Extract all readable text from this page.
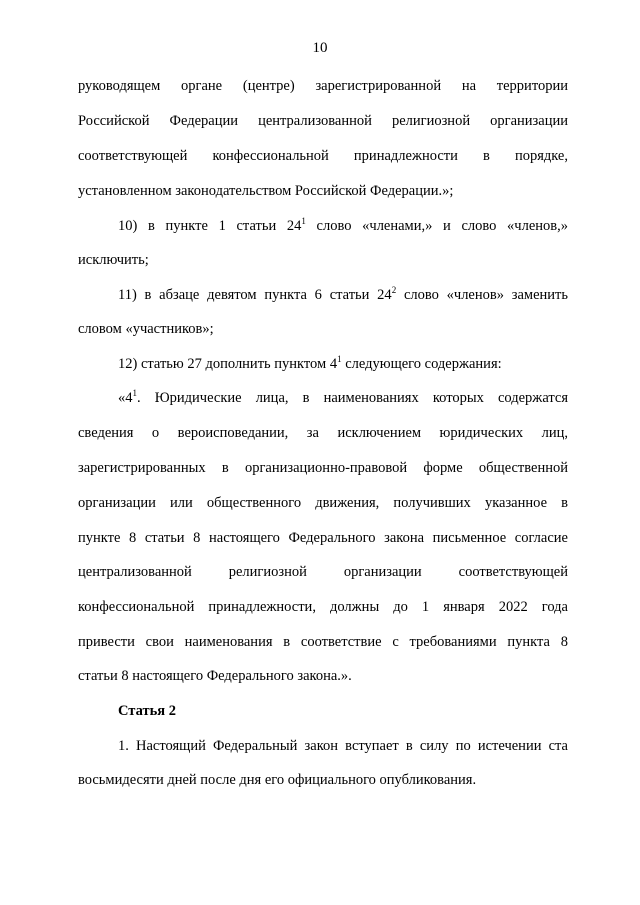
10
руководящем органе (центре) зарегистрированной на территории
Российской Федерации централизованной религиозной организации
соответствующей конфессиональной принадлежности в порядке,
установленном законодательством Российской Федерации.»;
10) в пункте 1 статьи $24^1$ слово «членами,» и слово «членов,»
исключить;
11) в абзаце девятом пункта 6 статьи $24^2$ слово «членов» заменить
словом «участников»;
12) статью 27 дополнить пунктом $4^1$ следующего содержания:
«$4^1$. Юридические лица, в наименованиях которых содержатся
сведения о вероисповедании, за исключением юридических лиц,
зарегистрированных в организационно-правовой форме общественной
организации или общественного движения, получивших указанное в
пункте 8 статьи 8 настоящего Федерального закона письменное согласие
централизованной религиозной организации соответствующей
конфессиональной принадлежности, должны до 1 января 2022 года
привести свои наименования в соответствие с требованиями пункта 8
статьи 8 настоящего Федерального закона.».
Статья 2
1. Настоящий Федеральный закон вступает в силу по истечении ста
восьмидесяти дней после дня его официального опубликования.
